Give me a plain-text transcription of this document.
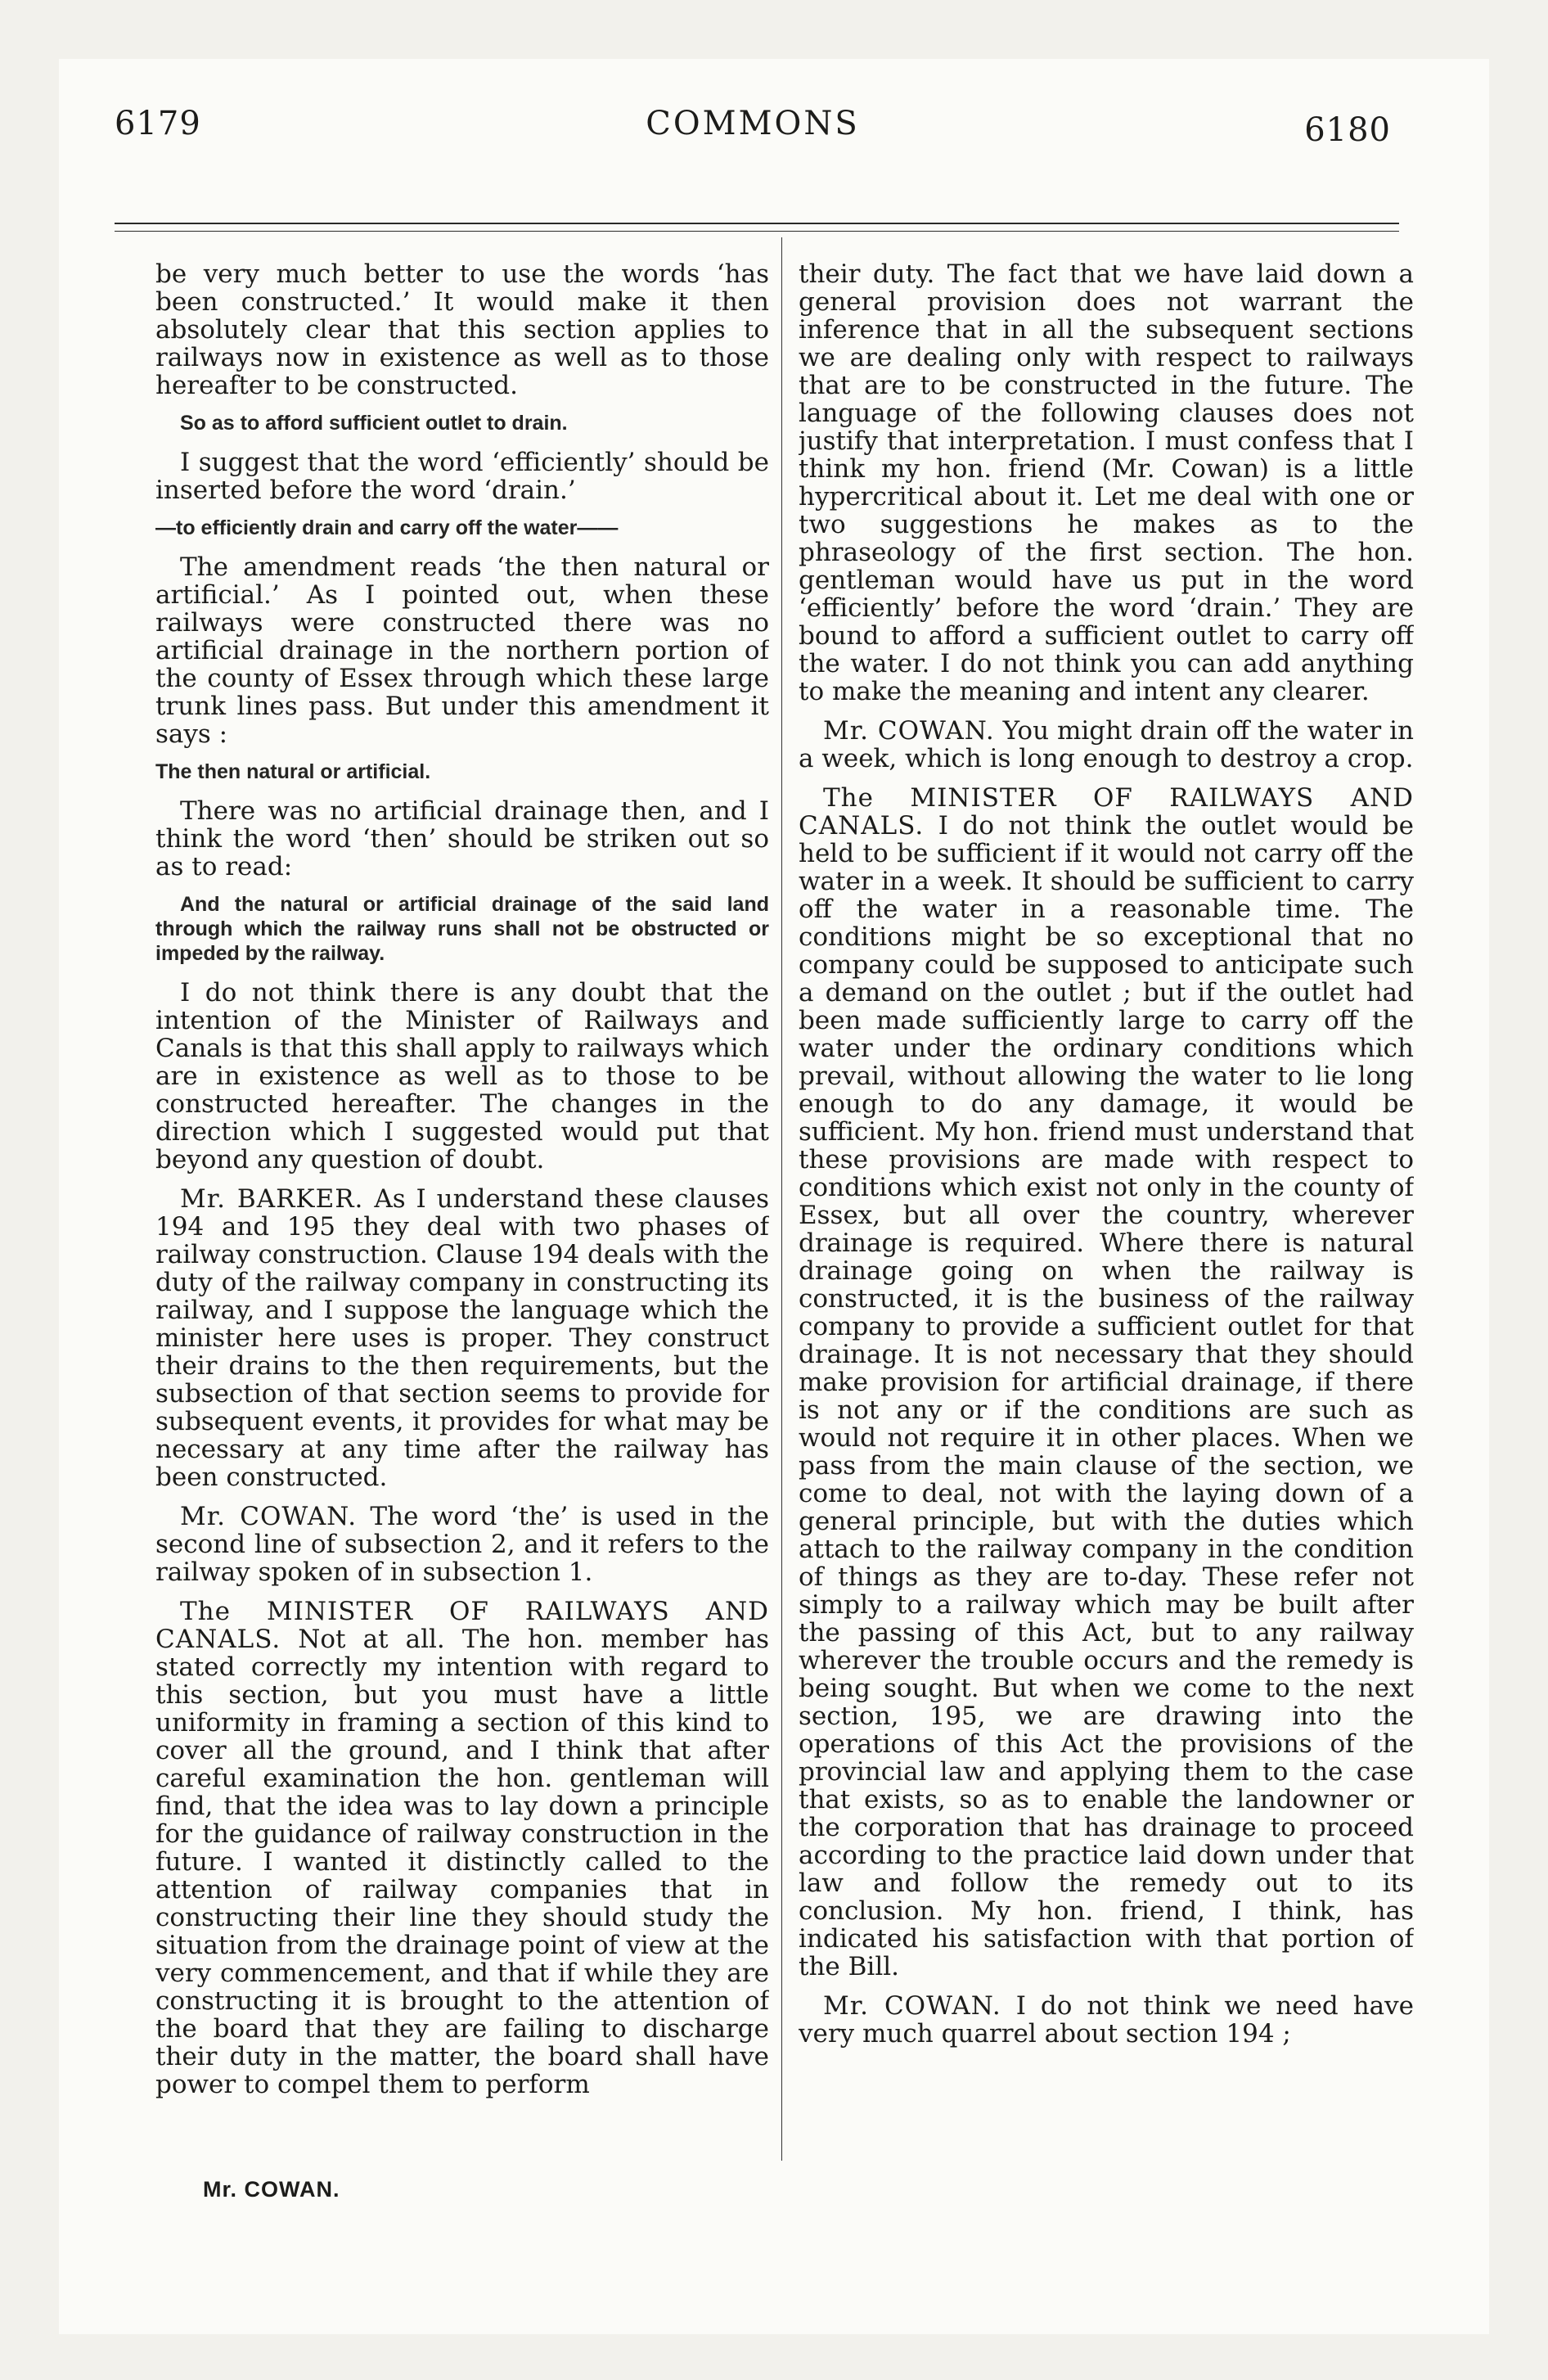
6179	COMMONS	6180

be very much better to use the words ‘has been constructed.’ It would make it then absolutely clear that this section applies to railways now in existence as well as to those hereafter to be constructed.

So as to afford sufficient outlet to drain.

I suggest that the word ‘efficiently’ should be inserted before the word ‘drain.’

—to efficiently drain and carry off the water——

The amendment reads ‘the then natural or artificial.’ As I pointed out, when these railways were constructed there was no artificial drainage in the northern portion of the county of Essex through which these large trunk lines pass. But under this amendment it says :

The then natural or artificial.

There was no artificial drainage then, and I think the word ‘then’ should be striken out so as to read:

And the natural or artificial drainage of the said land through which the railway runs shall not be obstructed or impeded by the railway.

I do not think there is any doubt that the intention of the Minister of Railways and Canals is that this shall apply to railways which are in existence as well as to those to be constructed hereafter. The changes in the direction which I suggested would put that beyond any question of doubt.

Mr. BARKER. As I understand these clauses 194 and 195 they deal with two phases of railway construction. Clause 194 deals with the duty of the railway company in constructing its railway, and I suppose the language which the minister here uses is proper. They construct their drains to the then requirements, but the subsection of that section seems to provide for subsequent events, it provides for what may be necessary at any time after the railway has been constructed.

Mr. COWAN. The word ‘the’ is used in the second line of subsection 2, and it refers to the railway spoken of in subsection 1.

The MINISTER OF RAILWAYS AND CANALS. Not at all. The hon. member has stated correctly my intention with regard to this section, but you must have a little uniformity in framing a section of this kind to cover all the ground, and I think that after careful examination the hon. gentleman will find, that the idea was to lay down a principle for the guidance of railway construction in the future. I wanted it distinctly called to the attention of railway companies that in constructing their line they should study the situation from the drainage point of view at the very commencement, and that if while they are constructing it is brought to the attention of the board that they are failing to discharge their duty in the matter, the board shall have power to compel them to perform

their duty. The fact that we have laid down a general provision does not warrant the inference that in all the subsequent sections we are dealing only with respect to railways that are to be constructed in the future. The language of the following clauses does not justify that interpretation. I must confess that I think my hon. friend (Mr. Cowan) is a little hypercritical about it. Let me deal with one or two suggestions he makes as to the phraseology of the first section. The hon. gentleman would have us put in the word ‘efficiently’ before the word ‘drain.’ They are bound to afford a sufficient outlet to carry off the water. I do not think you can add anything to make the meaning and intent any clearer.

Mr. COWAN. You might drain off the water in a week, which is long enough to destroy a crop.

The MINISTER OF RAILWAYS AND CANALS. I do not think the outlet would be held to be sufficient if it would not carry off the water in a week. It should be sufficient to carry off the water in a reasonable time. The conditions might be so exceptional that no company could be supposed to anticipate such a demand on the outlet ; but if the outlet had been made sufficiently large to carry off the water under the ordinary conditions which prevail, without allowing the water to lie long enough to do any damage, it would be sufficient. My hon. friend must understand that these provisions are made with respect to conditions which exist not only in the county of Essex, but all over the country, wherever drainage is required. Where there is natural drainage going on when the railway is constructed, it is the business of the railway company to provide a sufficient outlet for that drainage. It is not necessary that they should make provision for artificial drainage, if there is not any or if the conditions are such as would not require it in other places. When we pass from the main clause of the section, we come to deal, not with the laying down of a general principle, but with the duties which attach to the railway company in the condition of things as they are to-day. These refer not simply to a railway which may be built after the passing of this Act, but to any railway wherever the trouble occurs and the remedy is being sought. But when we come to the next section, 195, we are drawing into the operations of this Act the provisions of the provincial law and applying them to the case that exists, so as to enable the landowner or the corporation that has drainage to proceed according to the practice laid down under that law and follow the remedy out to its conclusion. My hon. friend, I think, has indicated his satisfaction with that portion of the Bill.

Mr. COWAN. I do not think we need have very much quarrel about section 194 ;

Mr. COWAN.
